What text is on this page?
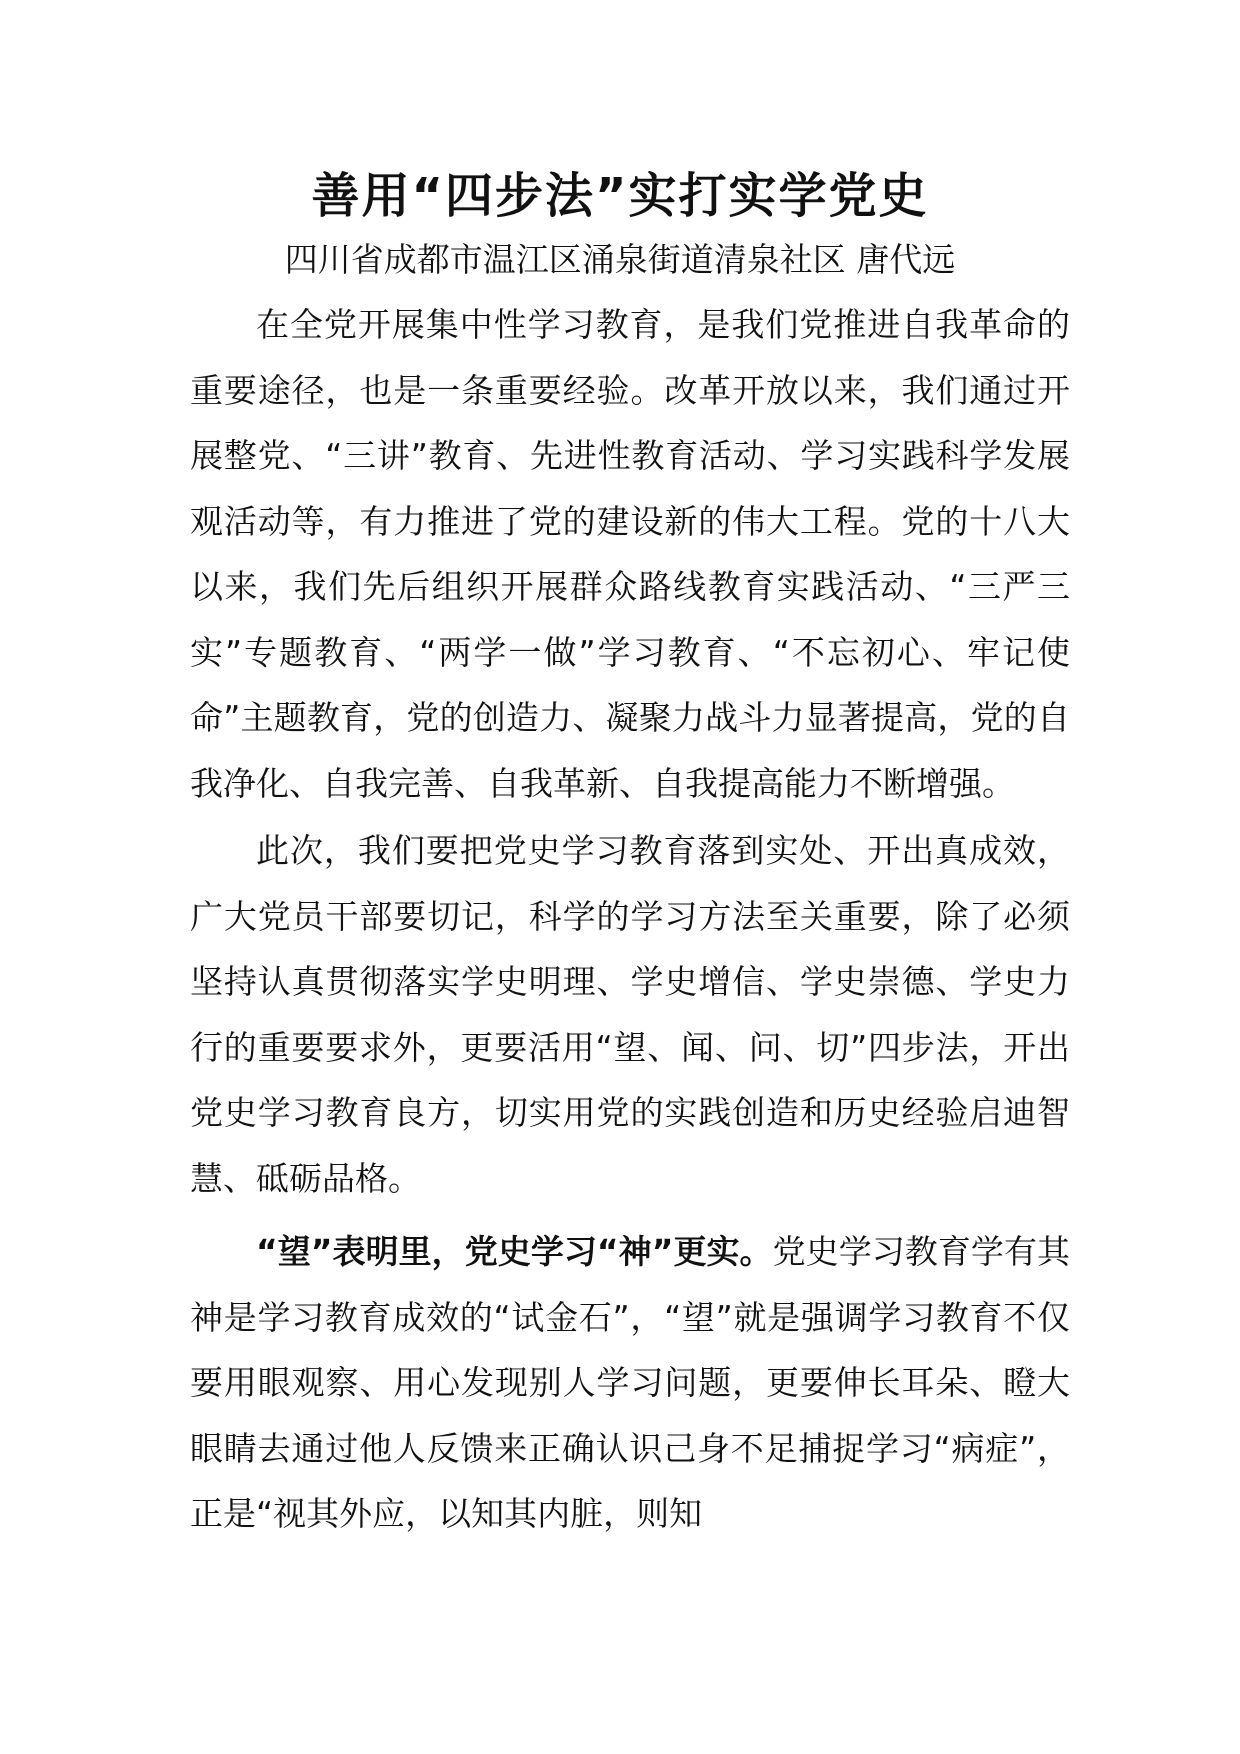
善用“四步法”实打实学党史
四川省成都市温江区涌泉街道清泉社区 唐代远

在全党开展集中性学习教育，是我们党推进自我革命的重要途径，也是一条重要经验。改革开放以来，我们通过开展整党、“三讲”教育、先进性教育活动、学习实践科学发展观活动等，有力推进了党的建设新的伟大工程。党的十八大以来，我们先后组织开展群众路线教育实践活动、“三严三实”专题教育、“两学一做”学习教育、“不忘初心、牢记使命”主题教育，党的创造力、凝聚力战斗力显著提高，党的自我净化、自我完善、自我革新、自我提高能力不断增强。

此次，我们要把党史学习教育落到实处、开出真成效，广大党员干部要切记，科学的学习方法至关重要，除了必须坚持认真贯彻落实学史明理、学史增信、学史崇德、学史力行的重要要求外，更要活用“望、闻、问、切”四步法，开出党史学习教育良方，切实用党的实践创造和历史经验启迪智慧、砥砺品格。

“望”表明里，党史学习“神”更实。党史学习教育学有其神是学习教育成效的“试金石”，“望”就是强调学习教育不仅要用眼观察、用心发现别人学习问题，更要伸长耳朵、瞪大眼睛去通过他人反馈来正确认识己身不足捕捉学习“病症”，正是“视其外应，以知其内脏，则知
